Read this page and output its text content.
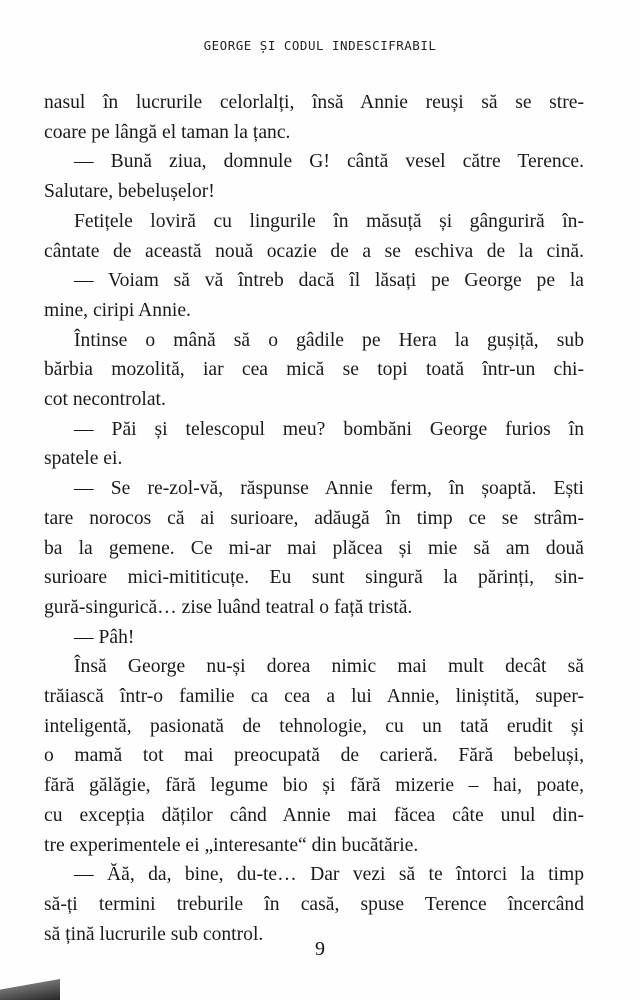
GEORGE ȘI CODUL INDESCIFRABIL
nasul în lucrurile celorlalți, însă Annie reuși să se stre-
coare pe lângă el taman la țanc.
— Bună ziua, domnule G! cântă vesel către Terence.
Salutare, bebelușelor!
Fetițele loviră cu lingurile în măsuță și gânguriră în-
cântate de această nouă ocazie de a se eschiva de la cină.
— Voiam să vă întreb dacă îl lăsați pe George pe la
mine, ciripi Annie.
Întinse o mână să o gâdile pe Hera la gușiță, sub
bărbia mozolită, iar cea mică se topi toată într-un chi-
cot necontrolat.
— Păi și telescopul meu? bombăni George furios în
spatele ei.
— Se re-zol-vă, răspunse Annie ferm, în șoaptă. Ești
tare norocos că ai surioare, adăugă în timp ce se strâm-
ba la gemene. Ce mi-ar mai plăcea și mie să am două
surioare mici-mititicuțe. Eu sunt singură la părinți, sin-
gură-singurică… zise luând teatral o față tristă.
— Pâh!
Însă George nu-și dorea nimic mai mult decât să
trăiască într-o familie ca cea a lui Annie, liniștită, super-
inteligentă, pasionată de tehnologie, cu un tată erudit și
o mamă tot mai preocupată de carieră. Fără bebeluși,
fără gălăgie, fără legume bio și fără mizerie – hai, poate,
cu excepția dăților când Annie mai făcea câte unul din-
tre experimentele ei „interesante“ din bucătărie.
— Ăă, da, bine, du-te… Dar vezi să te întorci la timp
să-ți termini treburile în casă, spuse Terence încercând
să țină lucrurile sub control.
9
